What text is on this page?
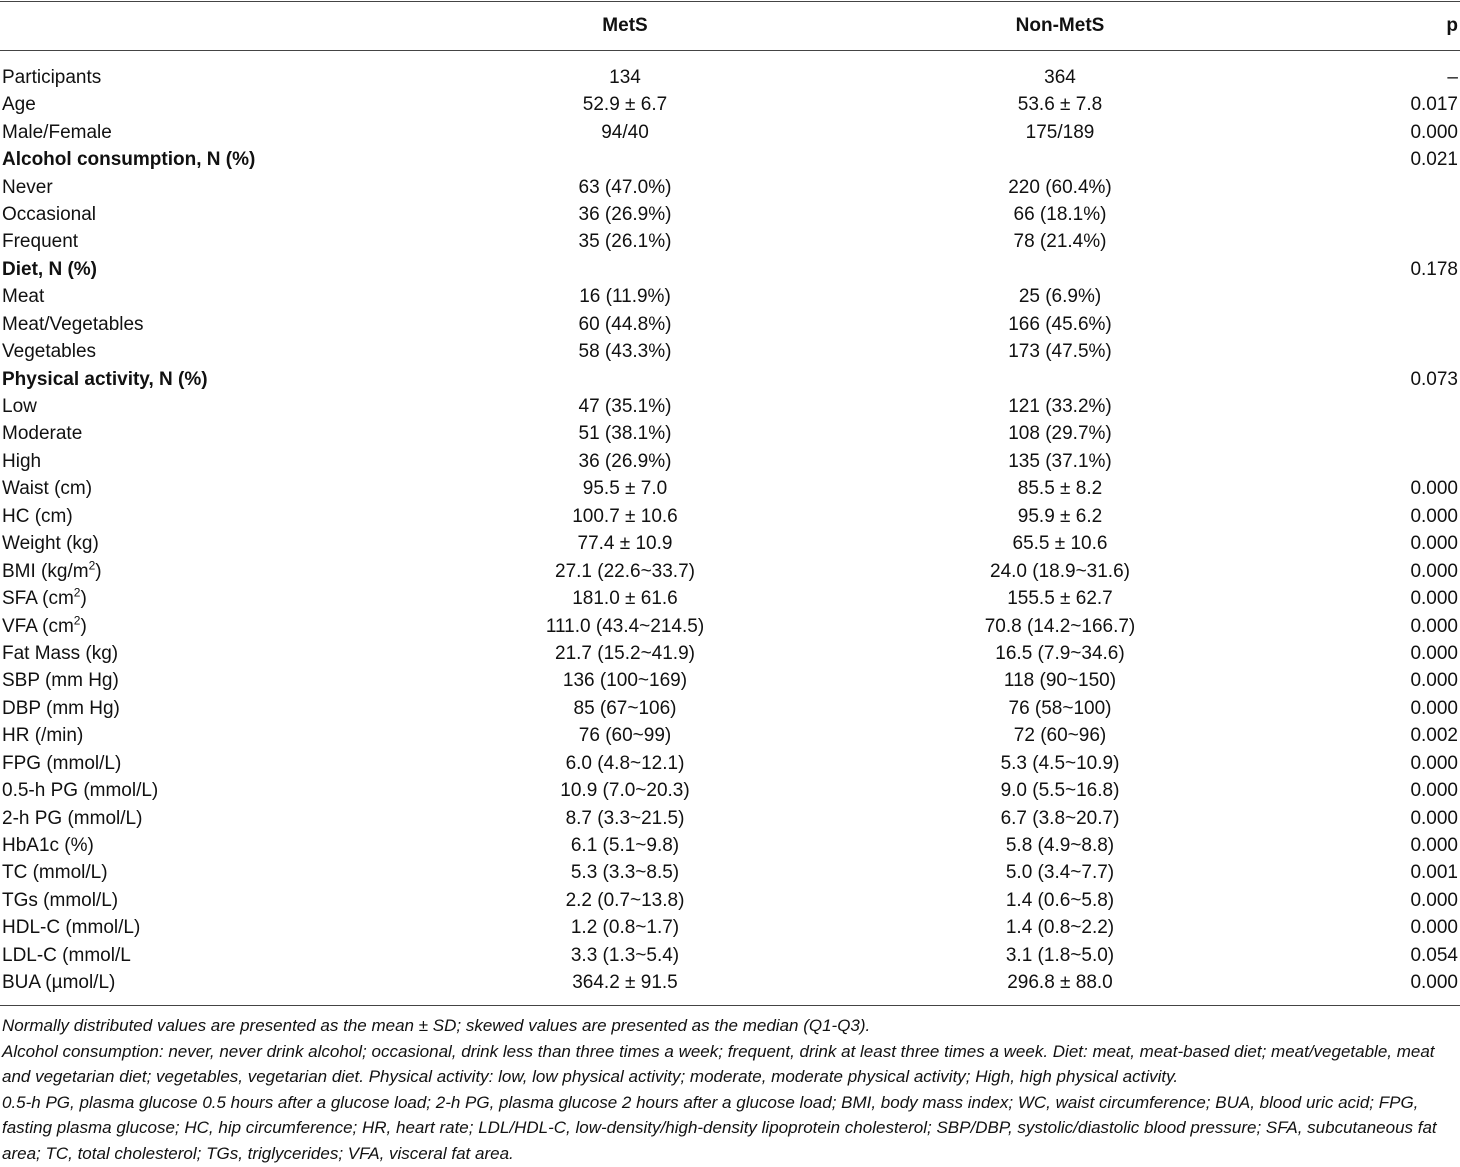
	MetS	Non-MetS	p
Participants	134	364	–
Age	52.9 ± 6.7	53.6 ± 7.8	0.017
Male/Female	94/40	175/189	0.000
Alcohol consumption, N (%)			0.021
Never	63 (47.0%)	220 (60.4%)	
Occasional	36 (26.9%)	66 (18.1%)	
Frequent	35 (26.1%)	78 (21.4%)	
Diet, N (%)			0.178
Meat	16 (11.9%)	25 (6.9%)	
Meat/Vegetables	60 (44.8%)	166 (45.6%)	
Vegetables	58 (43.3%)	173 (47.5%)	
Physical activity, N (%)			0.073
Low	47 (35.1%)	121 (33.2%)	
Moderate	51 (38.1%)	108 (29.7%)	
High	36 (26.9%)	135 (37.1%)	
Waist (cm)	95.5 ± 7.0	85.5 ± 8.2	0.000
HC (cm)	100.7 ± 10.6	95.9 ± 6.2	0.000
Weight (kg)	77.4 ± 10.9	65.5 ± 10.6	0.000
BMI $(kg/m^2)$	27.1 (22.6~33.7)	24.0 (18.9~31.6)	0.000
SFA $(cm^2)$	181.0 ± 61.6	155.5 ± 62.7	0.000
VFA $(cm^2)$	111.0 (43.4~214.5)	70.8 (14.2~166.7)	0.000
Fat Mass (kg)	21.7 (15.2~41.9)	16.5 (7.9~34.6)	0.000
SBP (mm Hg)	136 (100~169)	118 (90~150)	0.000
DBP (mm Hg)	85 (67~106)	76 (58~100)	0.000
HR (/min)	76 (60~99)	72 (60~96)	0.002
FPG (mmol/L)	6.0 (4.8~12.1)	5.3 (4.5~10.9)	0.000
0.5-h PG (mmol/L)	10.9 (7.0~20.3)	9.0 (5.5~16.8)	0.000
2-h PG (mmol/L)	8.7 (3.3~21.5)	6.7 (3.8~20.7)	0.000
HbA1c (%)	6.1 (5.1~9.8)	5.8 (4.9~8.8)	0.000
TC (mmol/L)	5.3 (3.3~8.5)	5.0 (3.4~7.7)	0.001
TGs (mmol/L)	2.2 (0.7~13.8)	1.4 (0.6~5.8)	0.000
HDL-C (mmol/L)	1.2 (0.8~1.7)	1.4 (0.8~2.2)	0.000
LDL-C (mmol/L	3.3 (1.3~5.4)	3.1 (1.8~5.0)	0.054
BUA (µmol/L)	364.2 ± 91.5	296.8 ± 88.0	0.000

Normally distributed values are presented as the mean ± SD; skewed values are presented as the median (Q1-Q3).

Alcohol consumption: never, never drink alcohol; occasional, drink less than three times a week; frequent, drink at least three times a week. Diet: meat, meat-based diet; meat/vegetable, meat and vegetarian diet; vegetables, vegetarian diet. Physical activity: low, low physical activity; moderate, moderate physical activity; High, high physical activity.

0.5-h PG, plasma glucose 0.5 hours after a glucose load; 2-h PG, plasma glucose 2 hours after a glucose load; BMI, body mass index; WC, waist circumference; BUA, blood uric acid; FPG, fasting plasma glucose; HC, hip circumference; HR, heart rate; LDL/HDL-C, low-density/high-density lipoprotein cholesterol; SBP/DBP, systolic/diastolic blood pressure; SFA, subcutaneous fat area; TC, total cholesterol; TGs, triglycerides; VFA, visceral fat area.
